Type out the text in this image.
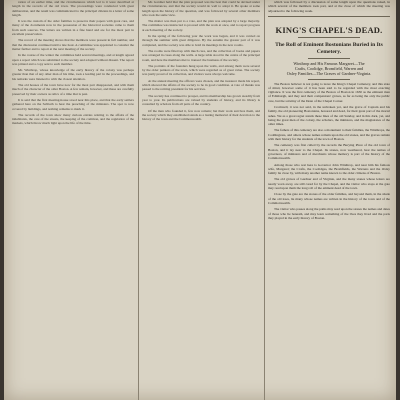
ration of an earlier time, and the circumstances which led to it were described at length in the records of the old town. The proceedings were conducted with great deliberation, and the result was communicated to the principal citizens in a letter of some length.

It was the custom of the older families to preserve their papers with great care, and many of the documents now in the possession of the historical societies came to them from such sources. The letters are written in a fine hand and are for the most part in excellent preservation.

The record of the meeting shows that the members were present in full number, and that the discussion continued until a late hour. A committee was appointed to consider the matter further and to report at the next meeting of the society.

In the course of the winter the committee held several meetings, and at length agreed upon a report which was submitted to the society and adopted without dissent. The report was printed and a copy sent to each member.

Mr. Winthrop, whose knowledge of the early history of the colony was perhaps greater than that of any other man of his time, took a leading part in the proceedings, and his remarks were listened to with the closest attention.

The old houses of the town have now for the most part disappeared, and with them much of the character of the older Boston. A few remain, however, and these are carefully preserved by their owners as relics of a time that is past.

It is said that the first meeting-house stood near this place, and that the early settlers gathered here on the Sabbath to hear the preaching of the ministers. The spot is now covered by buildings, and nothing remains to mark it.

The records of the town show many curious entries relating to the affairs of the inhabitants, the care of the streets, the keeping of the common, and the regulation of the markets, which throw much light upon the life of the time.

Mr. Gardner held that the plan proposed was the best that could be devised under the circumstances, and that the society would do well to adopt it. He spoke at some length upon the history of the question, and was followed by several other members who took the same view.

The matter was then put to a vote, and the plan was adopted by a large majority. The committee was instructed to proceed with the work at once, and to report progress at each meeting of the society.

In the spring of the following year the work was begun, and it was carried on through the summer with great diligence. By the autumn the greater part of it was completed, and the society was able to hold its meetings in the new rooms.

The rooms were fitted up with much care, and the collection of books and papers was arranged in cases along the walls. A large table stood in the centre of the principal room, and here the members met to transact the business of the society.

The portraits of the founders hung upon the walls, and among them were several by the older painters of the town, which were regarded as of great value. The society was justly proud of its collection, and visitors were always welcome.

At the annual meeting the officers were chosen, and the treasurer made his report, which showed the affairs of the society to be in good condition. A vote of thanks was passed to the retiring president for his services.

The society has continued to prosper, and its membership has grown steadily from year to year. Its publications are valued by students of history, and its library is consulted by scholars from all parts of the country.

Of the men who founded it, few now remain; but their work survives them, and the society which they established stands as a lasting memorial of their devotion to the history of the town and the Commonwealth.

which was followed by a discussion of some length upon the questions raised, in which several of the members took part, and at the close of which the meeting was adjourned to the following week.

KING'S CHAPEL'S DEAD.
The Roll of Eminent Bostonians Buried in Its Cemetery.
Winthrop and His Famous Margaret—The
Crafts, Coolidge, Bromfield, Warren and
Oxley Families—The Graves of Gardner-Virginia.

The Boston believer is not going to leave the King's Chapel Cemetery, and this state of mind, however some of it has been said to be regarded with the most exacting vigilance. It was the first cemetery of the Boston of Boston in 1630 as the eminent men of Edinburgh, and they and their companions' graves, as far as being the only the public care, but the scrutiny of the Dean of the Chapel Corner.

Cromwell, it was not said, in the unbroken yet, and the grave of Captain and his family, the old pioneering Bostonians, honored and dead, for their great part of the mortal ashes. We as a great regret stands these lines of the old Sunday, and in this dark, yet, and being the great men of the colony, the scholars, the ministers, and the magistrates of the older times.

The fathers of this cemetery are also a monument to their families, the Winthrops, the Coddingtons, and others whose names remain upon the old stones, and the graves remain with their history for the students of the town of Boston.

The cemetery was first called by the records the Burying Place of the old town of Boston, and it lay near to the Chapel. Its stones, now weathered, bear the names of governors, of ministers and of merchants whose memory is part of the history of the Commonwealth.

Among those who rest here is Governor John Winthrop, and near him his famous wife, Margaret; the Crafts, the Coolidges, the Bromfields, the Warrens and the Oxley family lie close by, with many another name known to the older citizens of Boston.

The old graves of Gardner and of Virginia, and the many stones whose letters are nearly worn away, are still cared for by the Chapel, and the visitor who stops at the gate may read upon them the long roll of the eminent dead of the town.

Close by the gate are the stones of the older families, and beyond them, in the shade of the old trees, lie many whose names are written in the history of the town and of the Commonwealth.

The visitor who passes along the paths may read upon the stones the names and dates of those who lie beneath, and may learn something of the lives they lived and the parts they played in the early history of Boston.
